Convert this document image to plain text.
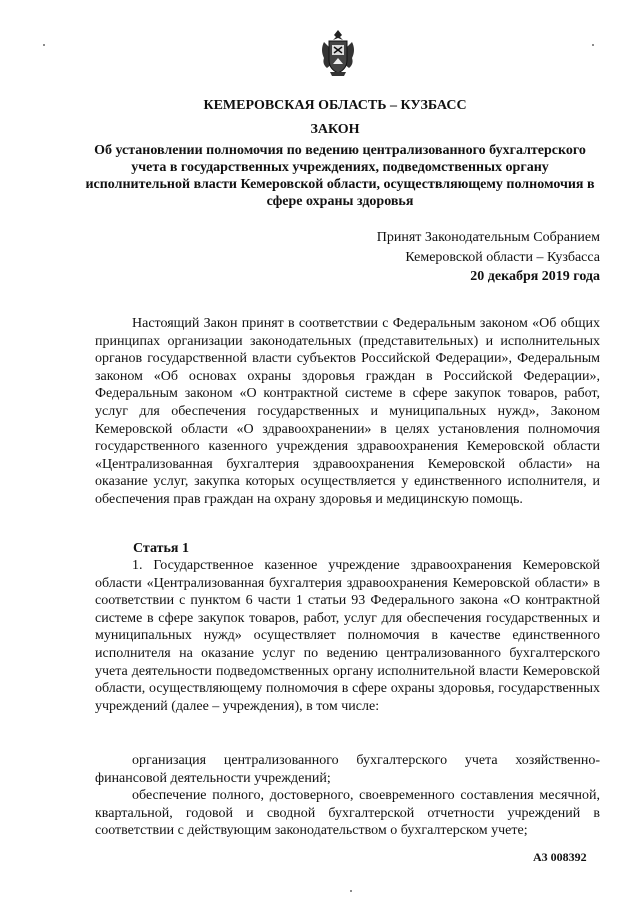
КЕМЕРОВСКАЯ ОБЛАСТЬ – КУЗБАСС
ЗАКОН
Об установлении полномочия по ведению централизованного бухгалтерского учета в государственных учреждениях, подведомственных органу исполнительной власти Кемеровской области, осуществляющему полномочия в сфере охраны здоровья
Принят Законодательным Собранием
Кемеровской области – Кузбасса
20 декабря 2019 года

Настоящий Закон принят в соответствии с Федеральным законом «Об общих принципах организации законодательных (представительных) и исполнительных органов государственной власти субъектов Российской Федерации», Федеральным законом «Об основах охраны здоровья граждан в Российской Федерации», Федеральным законом «О контрактной системе в сфере закупок товаров, работ, услуг для обеспечения государственных и муниципальных нужд», Законом Кемеровской области «О здравоохранении» в целях установления полномочия государственного казенного учреждения здравоохранения Кемеровской области «Централизованная бухгалтерия здравоохранения Кемеровской области» на оказание услуг, закупка которых осуществляется у единственного исполнителя, и обеспечения прав граждан на охрану здоровья и медицинскую помощь.

Статья 1

1. Государственное казенное учреждение здравоохранения Кемеровской области «Централизованная бухгалтерия здравоохранения Кемеровской области» в соответствии с пунктом 6 части 1 статьи 93 Федерального закона «О контрактной системе в сфере закупок товаров, работ, услуг для обеспечения государственных и муниципальных нужд» осуществляет полномочия в качестве единственного исполнителя на оказание услуг по ведению централизованного бухгалтерского учета деятельности подведомственных органу исполнительной власти Кемеровской области, осуществляющему полномочия в сфере охраны здоровья, государственных учреждений (далее – учреждения), в том числе:

организация централизованного бухгалтерского учета хозяйственно-финансовой деятельности учреждений;

обеспечение полного, достоверного, своевременного составления месячной, квартальной, годовой и сводной бухгалтерской отчетности учреждений в соответствии с действующим законодательством о бухгалтерском учете;

А3 008392
